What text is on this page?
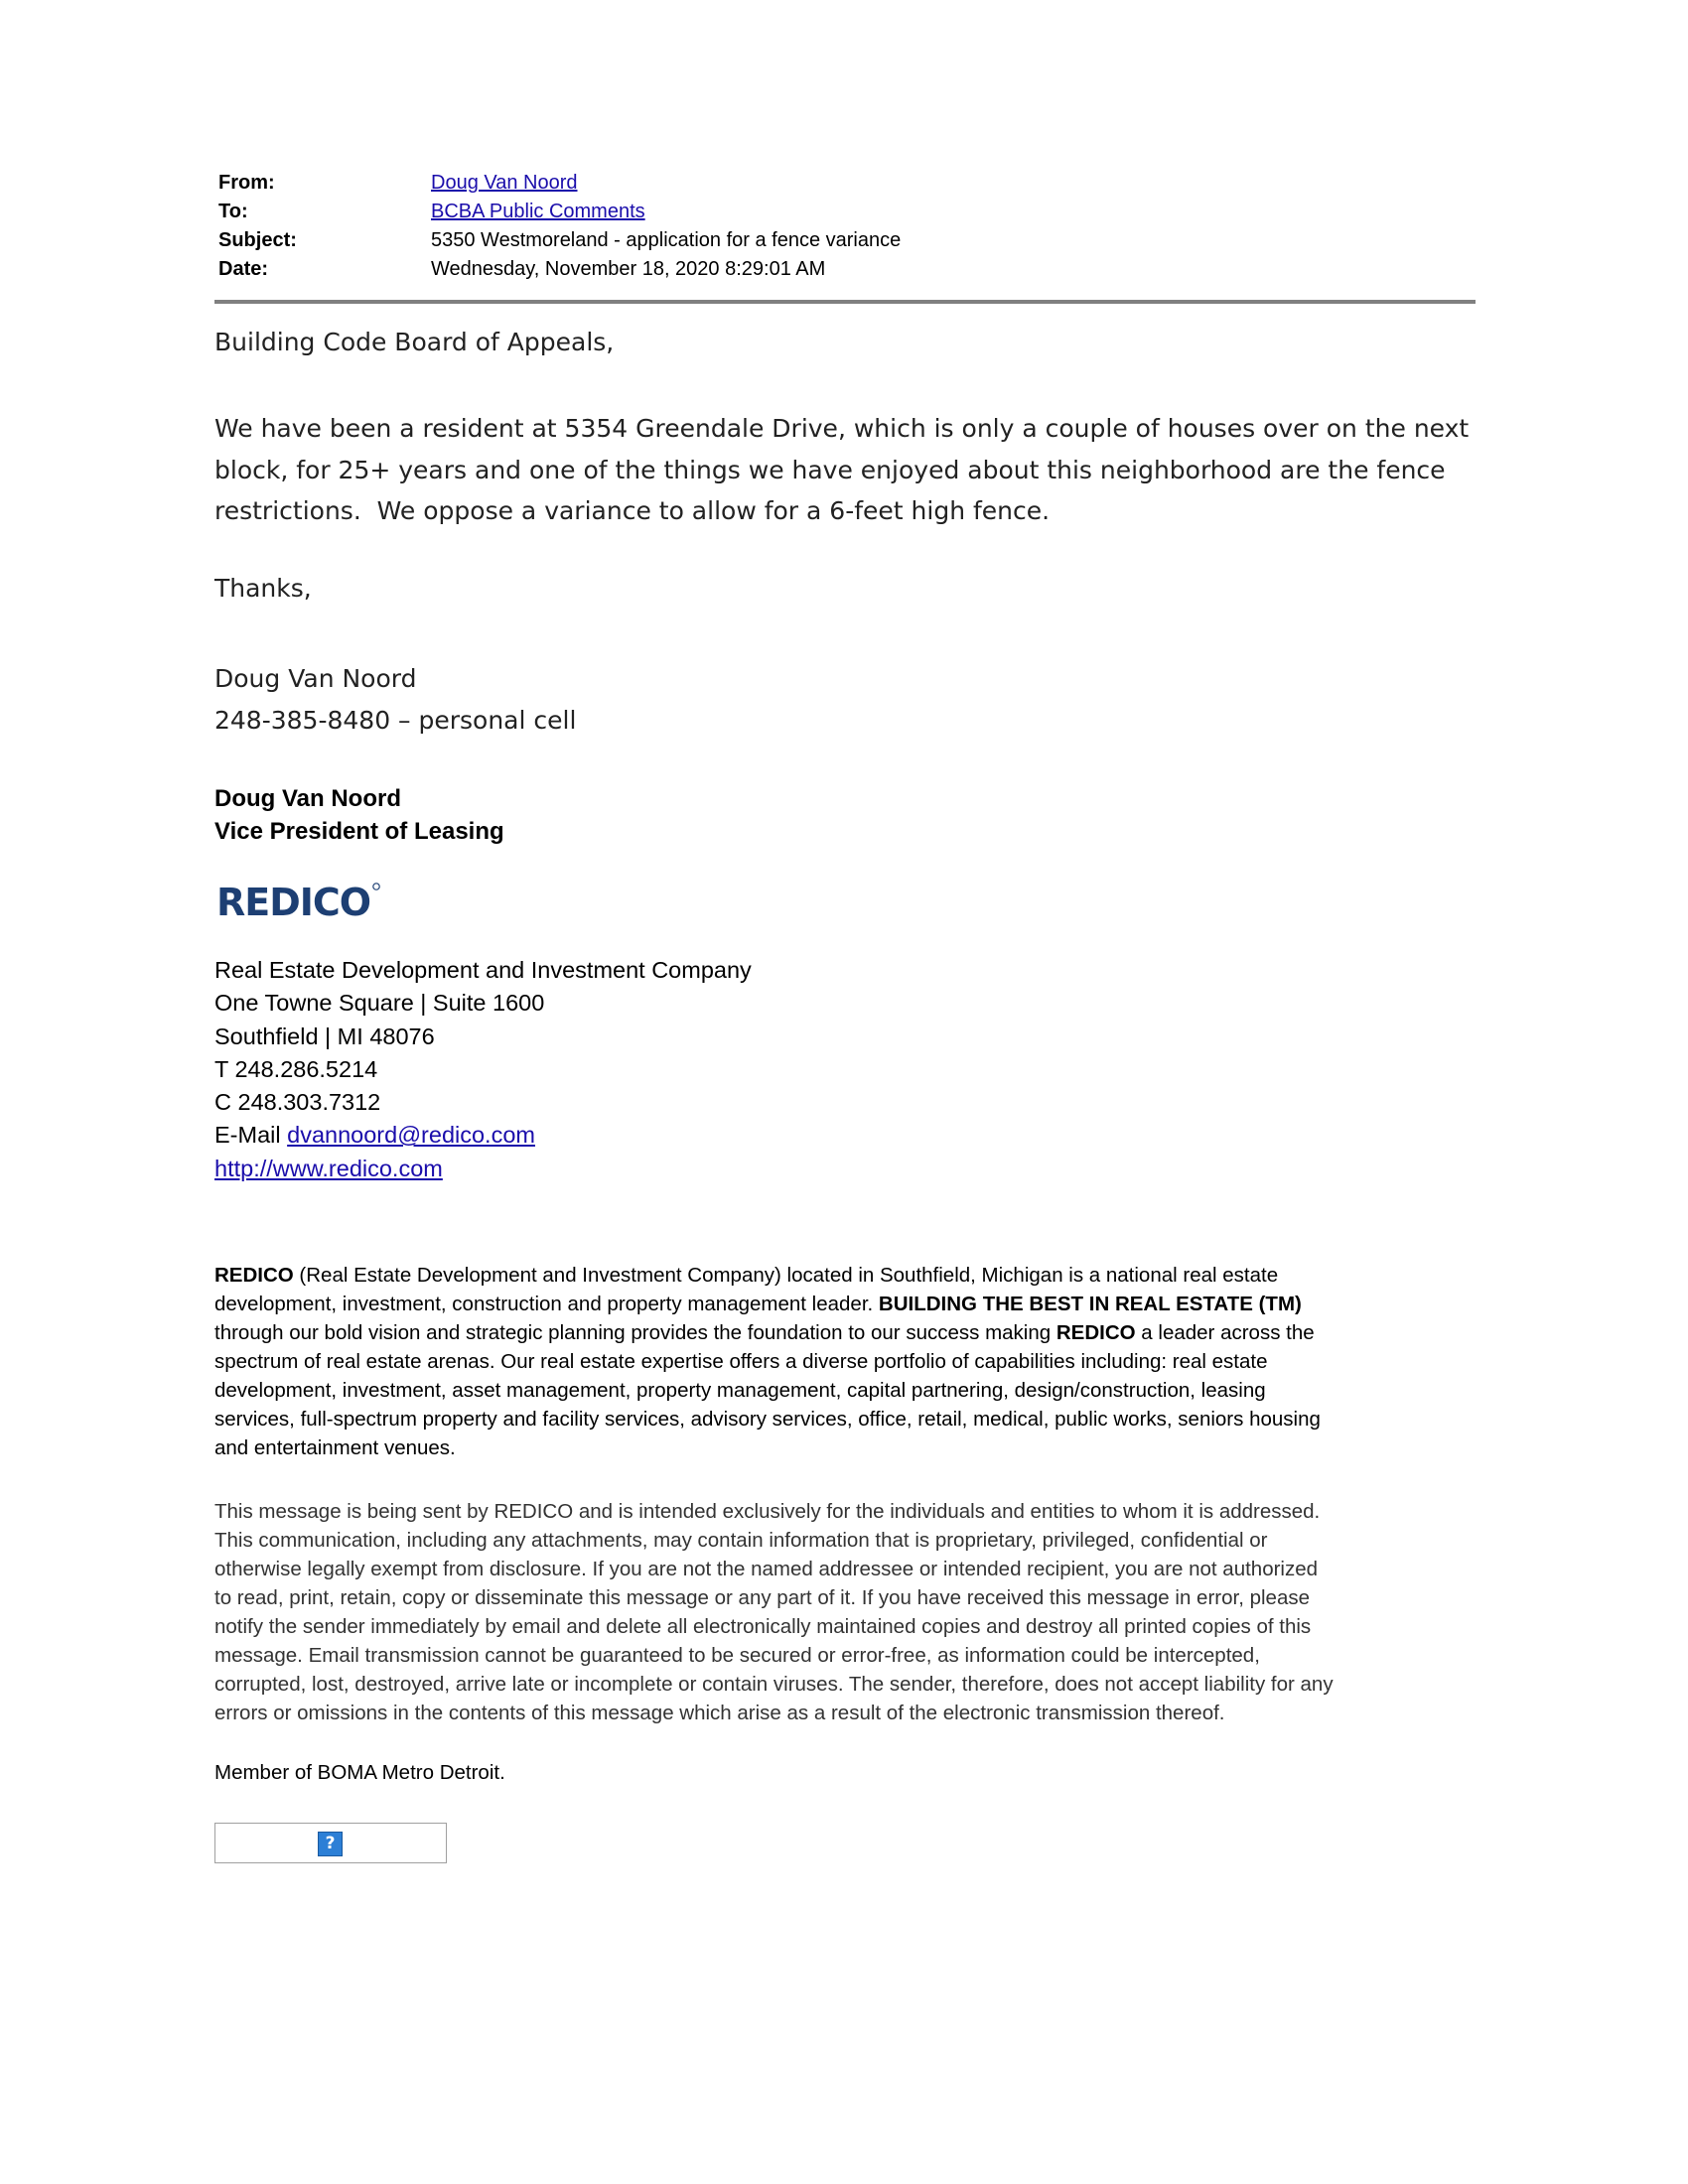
From:	Doug Van Noord
To:	BCBA Public Comments
Subject:	5350 Westmoreland - application for a fence variance
Date:	Wednesday, November 18, 2020 8:29:01 AM
Building Code Board of Appeals,
We have been a resident at 5354 Greendale Drive, which is only a couple of houses over on the next
block, for 25+ years and one of the things we have enjoyed about this neighborhood are the fence
restrictions.  We oppose a variance to allow for a 6-feet high fence.
Thanks,
Doug Van Noord
248-385-8480 – personal cell
Doug Van Noord
Vice President of Leasing
REDICO
Real Estate Development and Investment Company
One Towne Square | Suite 1600
Southfield | MI 48076
T 248.286.5214
C 248.303.7312
E-Mail dvannoord@redico.com
http://www.redico.com
REDICO (Real Estate Development and Investment Company) located in Southfield, Michigan is a national real estate
development, investment, construction and property management leader. BUILDING THE BEST IN REAL ESTATE (TM)
through our bold vision and strategic planning provides the foundation to our success making REDICO a leader across the
spectrum of real estate arenas. Our real estate expertise offers a diverse portfolio of capabilities including: real estate
development, investment, asset management, property management, capital partnering, design/construction, leasing
services, full-spectrum property and facility services, advisory services, office, retail, medical, public works, seniors housing
and entertainment venues.
This message is being sent by REDICO and is intended exclusively for the individuals and entities to whom it is addressed.
This communication, including any attachments, may contain information that is proprietary, privileged, confidential or
otherwise legally exempt from disclosure. If you are not the named addressee or intended recipient, you are not authorized
to read, print, retain, copy or disseminate this message or any part of it. If you have received this message in error, please
notify the sender immediately by email and delete all electronically maintained copies and destroy all printed copies of this
message. Email transmission cannot be guaranteed to be secured or error-free, as information could be intercepted,
corrupted, lost, destroyed, arrive late or incomplete or contain viruses. The sender, therefore, does not accept liability for any
errors or omissions in the contents of this message which arise as a result of the electronic transmission thereof.
Member of BOMA Metro Detroit.
?
